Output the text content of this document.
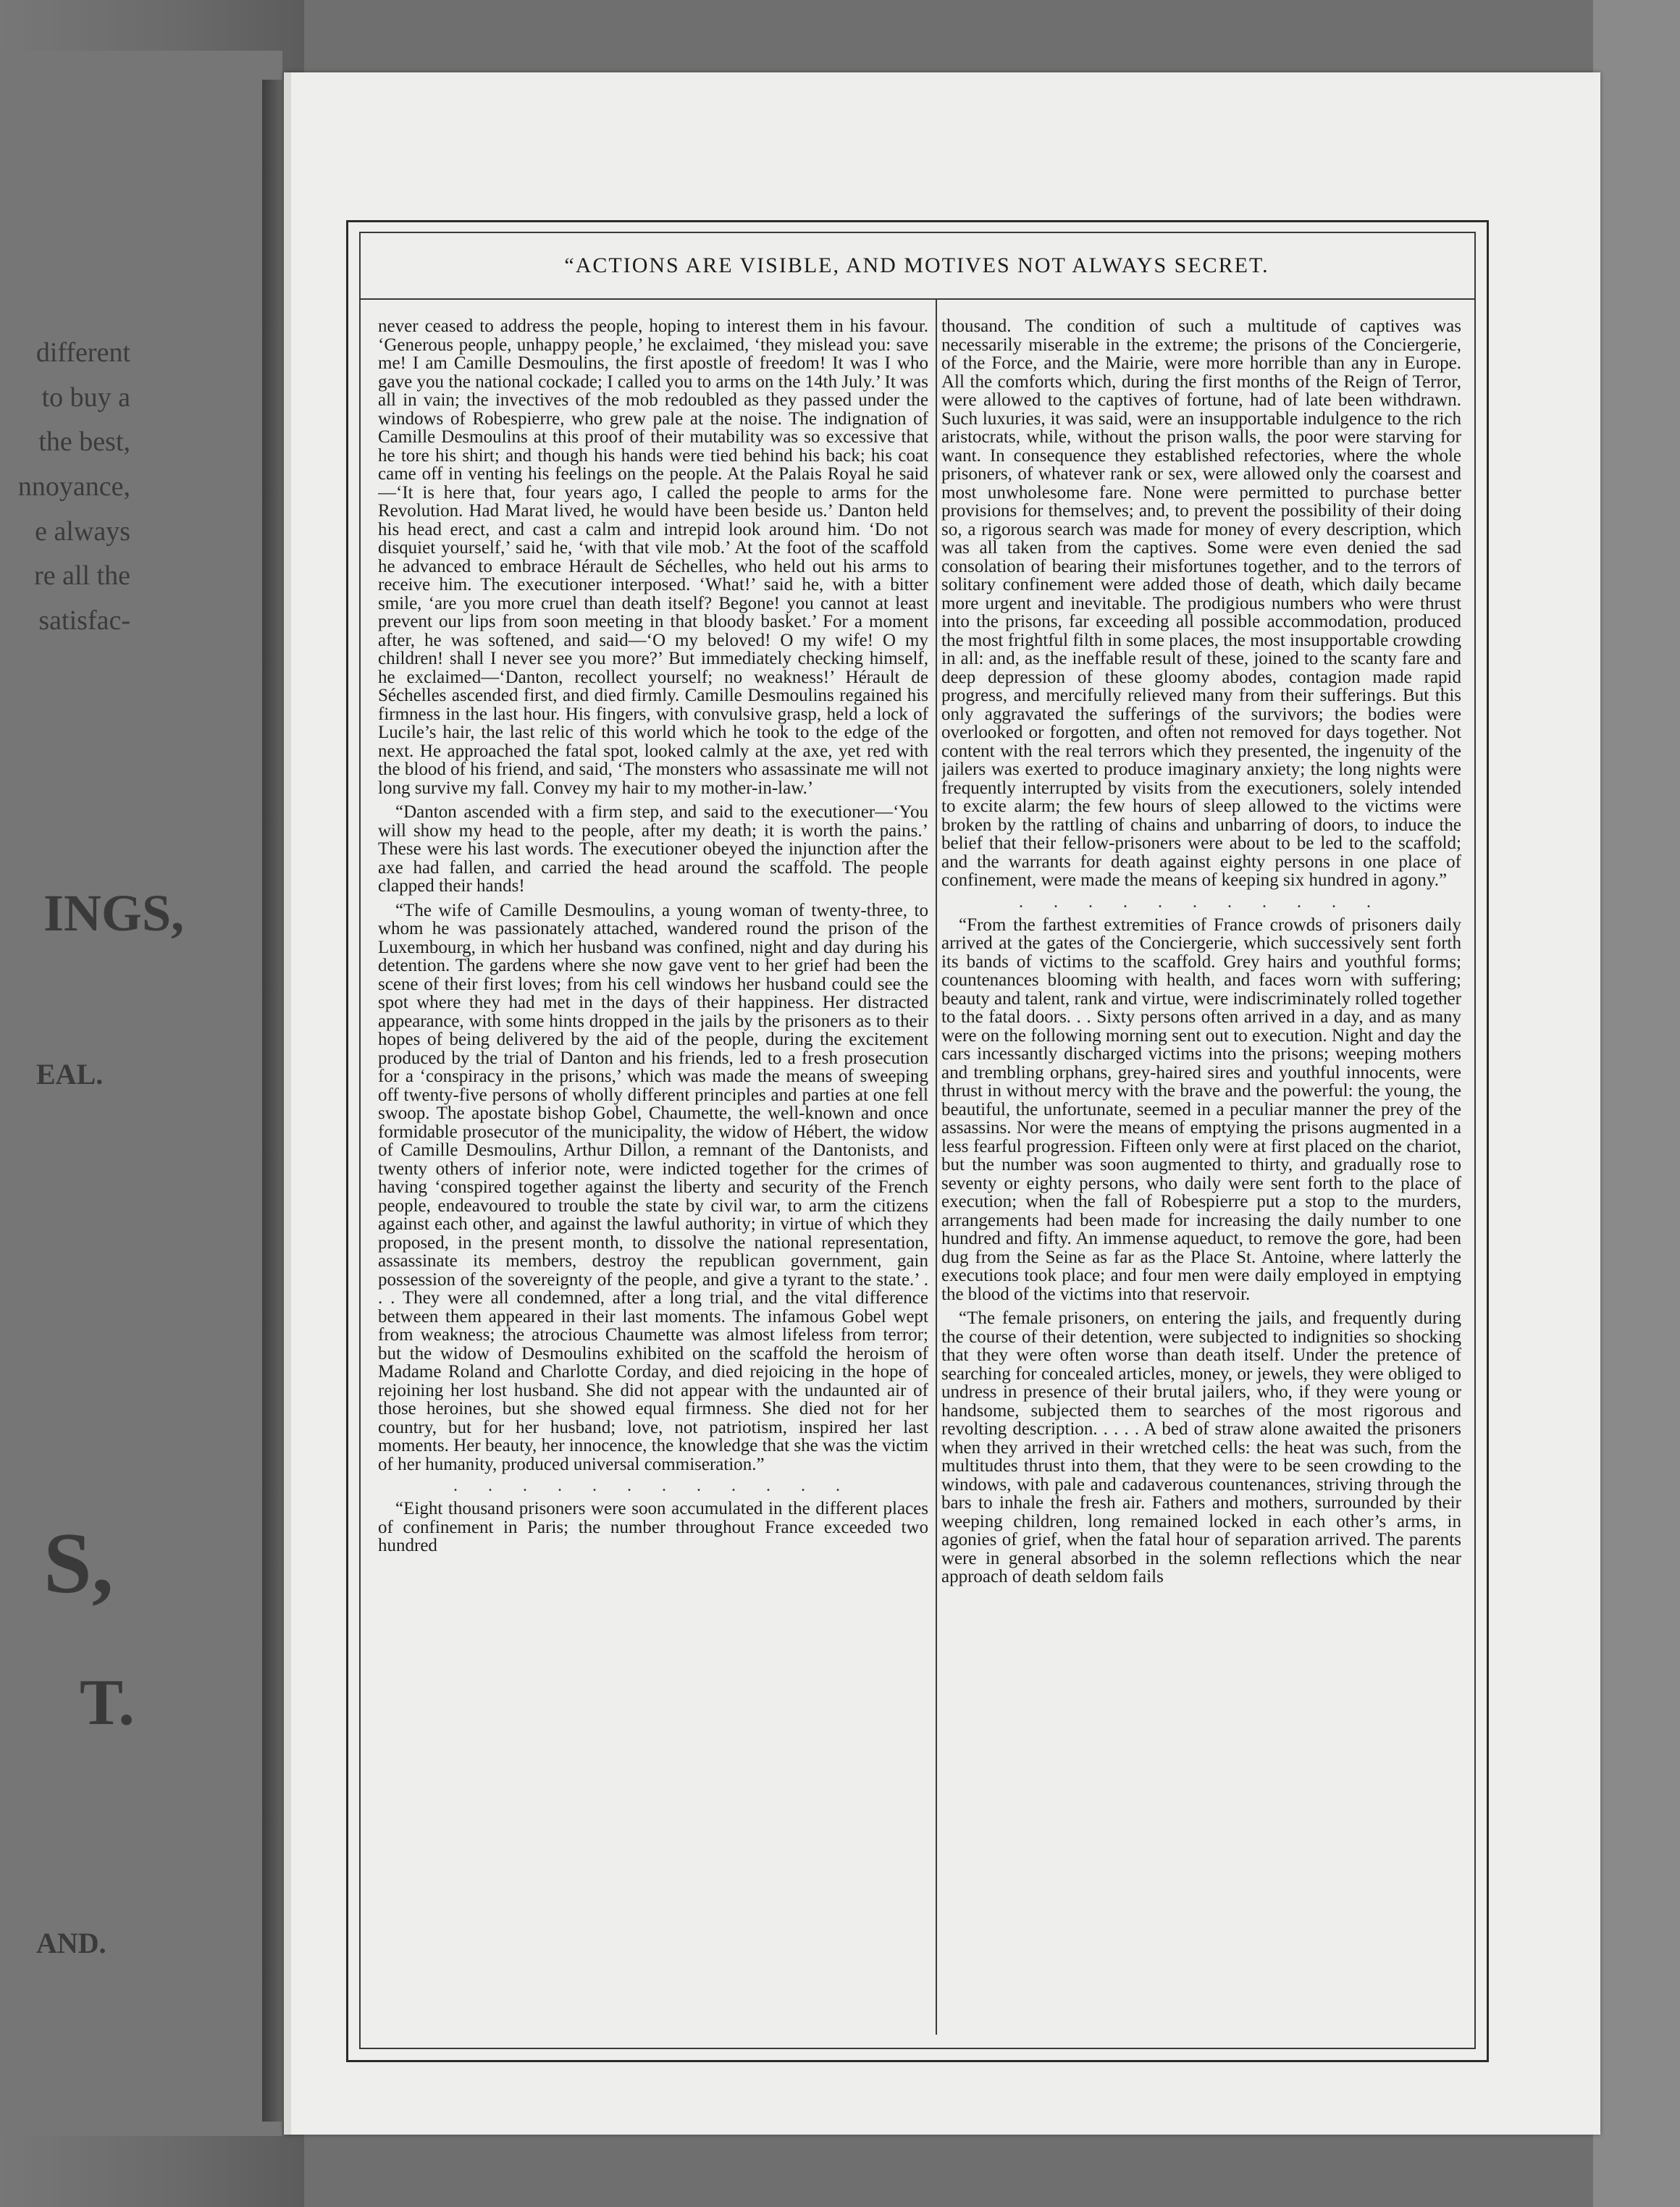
different
to buy a
the best,
nnoyance,
e always
re all the
satisfac-
INGS,
EAL.
S,
T.
AND.
“ACTIONS ARE VISIBLE, AND MOTIVES NOT ALWAYS SECRET.

never ceased to address the people, hoping to interest them in his favour. ‘Generous people, unhappy people,’ he exclaimed, ‘they mislead you: save me! I am Camille Desmoulins, the first apostle of freedom! It was I who gave you the national cockade; I called you to arms on the 14th July.’ It was all in vain; the invectives of the mob redoubled as they passed under the windows of Robespierre, who grew pale at the noise. The indignation of Camille Desmoulins at this proof of their mutability was so excessive that he tore his shirt; and though his hands were tied behind his back; his coat came off in venting his feelings on the people. At the Palais Royal he said—‘It is here that, four years ago, I called the people to arms for the Revolution. Had Marat lived, he would have been beside us.’ Danton held his head erect, and cast a calm and intrepid look around him. ‘Do not disquiet yourself,’ said he, ‘with that vile mob.’ At the foot of the scaffold he advanced to embrace Hérault de Séchelles, who held out his arms to receive him. The executioner interposed. ‘What!’ said he, with a bitter smile, ‘are you more cruel than death itself? Begone! you cannot at least prevent our lips from soon meeting in that bloody basket.’ For a moment after, he was softened, and said—‘O my beloved! O my wife! O my children! shall I never see you more?’ But immediately checking himself, he exclaimed—‘Danton, recollect yourself; no weakness!’ Hérault de Séchelles ascended first, and died firmly. Camille Desmoulins regained his firmness in the last hour. His fingers, with convulsive grasp, held a lock of Lucile’s hair, the last relic of this world which he took to the edge of the next. He approached the fatal spot, looked calmly at the axe, yet red with the blood of his friend, and said, ‘The monsters who assassinate me will not long survive my fall. Convey my hair to my mother-in-law.’

“Danton ascended with a firm step, and said to the executioner—‘You will show my head to the people, after my death; it is worth the pains.’ These were his last words. The executioner obeyed the injunction after the axe had fallen, and carried the head around the scaffold. The people clapped their hands!

“The wife of Camille Desmoulins, a young woman of twenty-three, to whom he was passionately attached, wandered round the prison of the Luxembourg, in which her husband was confined, night and day during his detention. The gardens where she now gave vent to her grief had been the scene of their first loves; from his cell windows her husband could see the spot where they had met in the days of their happiness. Her distracted appearance, with some hints dropped in the jails by the prisoners as to their hopes of being delivered by the aid of the people, during the excitement produced by the trial of Danton and his friends, led to a fresh prosecution for a ‘conspiracy in the prisons,’ which was made the means of sweeping off twenty-five persons of wholly different principles and parties at one fell swoop. The apostate bishop Gobel, Chaumette, the well-known and once formidable prosecutor of the municipality, the widow of Hébert, the widow of Camille Desmoulins, Arthur Dillon, a remnant of the Dantonists, and twenty others of inferior note, were indicted together for the crimes of having ‘conspired together against the liberty and security of the French people, endeavoured to trouble the state by civil war, to arm the citizens against each other, and against the lawful authority; in virtue of which they proposed, in the present month, to dissolve the national representation, assassinate its members, destroy the republican government, gain possession of the sovereignty of the people, and give a tyrant to the state.’ . . . They were all condemned, after a long trial, and the vital difference between them appeared in their last moments. The infamous Gobel wept from weakness; the atrocious Chaumette was almost lifeless from terror; but the widow of Desmoulins exhibited on the scaffold the heroism of Madame Roland and Charlotte Corday, and died rejoicing in the hope of rejoining her lost husband. She did not appear with the undaunted air of those heroines, but she showed equal firmness. She died not for her country, but for her husband; love, not patriotism, inspired her last moments. Her beauty, her innocence, the knowledge that she was the victim of her humanity, produced universal commiseration.”

. . . . . . . . . . . .

“Eight thousand prisoners were soon accumulated in the different places of confinement in Paris; the number throughout France exceeded two hundred

thousand. The condition of such a multitude of captives was necessarily miserable in the extreme; the prisons of the Conciergerie, of the Force, and the Mairie, were more horrible than any in Europe. All the comforts which, during the first months of the Reign of Terror, were allowed to the captives of fortune, had of late been withdrawn. Such luxuries, it was said, were an insupportable indulgence to the rich aristocrats, while, without the prison walls, the poor were starving for want. In consequence they established refectories, where the whole prisoners, of whatever rank or sex, were allowed only the coarsest and most unwholesome fare. None were permitted to purchase better provisions for themselves; and, to prevent the possibility of their doing so, a rigorous search was made for money of every description, which was all taken from the captives. Some were even denied the sad consolation of bearing their misfortunes together, and to the terrors of solitary confinement were added those of death, which daily became more urgent and inevitable. The prodigious numbers who were thrust into the prisons, far exceeding all possible accommodation, produced the most frightful filth in some places, the most insupportable crowding in all: and, as the ineffable result of these, joined to the scanty fare and deep depression of these gloomy abodes, contagion made rapid progress, and mercifully relieved many from their sufferings. But this only aggravated the sufferings of the survivors; the bodies were overlooked or forgotten, and often not removed for days together. Not content with the real terrors which they presented, the ingenuity of the jailers was exerted to produce imaginary anxiety; the long nights were frequently interrupted by visits from the executioners, solely intended to excite alarm; the few hours of sleep allowed to the victims were broken by the rattling of chains and unbarring of doors, to induce the belief that their fellow-prisoners were about to be led to the scaffold; and the warrants for death against eighty persons in one place of confinement, were made the means of keeping six hundred in agony.”

. . . . . . . . . . .

“From the farthest extremities of France crowds of prisoners daily arrived at the gates of the Conciergerie, which successively sent forth its bands of victims to the scaffold. Grey hairs and youthful forms; countenances blooming with health, and faces worn with suffering; beauty and talent, rank and virtue, were indiscriminately rolled together to the fatal doors. . . Sixty persons often arrived in a day, and as many were on the following morning sent out to execution. Night and day the cars incessantly discharged victims into the prisons; weeping mothers and trembling orphans, grey-haired sires and youthful innocents, were thrust in without mercy with the brave and the powerful: the young, the beautiful, the unfortunate, seemed in a peculiar manner the prey of the assassins. Nor were the means of emptying the prisons augmented in a less fearful progression. Fifteen only were at first placed on the chariot, but the number was soon augmented to thirty, and gradually rose to seventy or eighty persons, who daily were sent forth to the place of execution; when the fall of Robespierre put a stop to the murders, arrangements had been made for increasing the daily number to one hundred and fifty. An immense aqueduct, to remove the gore, had been dug from the Seine as far as the Place St. Antoine, where latterly the executions took place; and four men were daily employed in emptying the blood of the victims into that reservoir.

“The female prisoners, on entering the jails, and frequently during the course of their detention, were subjected to indignities so shocking that they were often worse than death itself. Under the pretence of searching for concealed articles, money, or jewels, they were obliged to undress in presence of their brutal jailers, who, if they were young or handsome, subjected them to searches of the most rigorous and revolting description. . . . . A bed of straw alone awaited the prisoners when they arrived in their wretched cells: the heat was such, from the multitudes thrust into them, that they were to be seen crowding to the windows, with pale and cadaverous countenances, striving through the bars to inhale the fresh air. Fathers and mothers, surrounded by their weeping children, long remained locked in each other’s arms, in agonies of grief, when the fatal hour of separation arrived. The parents were in general absorbed in the solemn reflections which the near approach of death seldom fails
